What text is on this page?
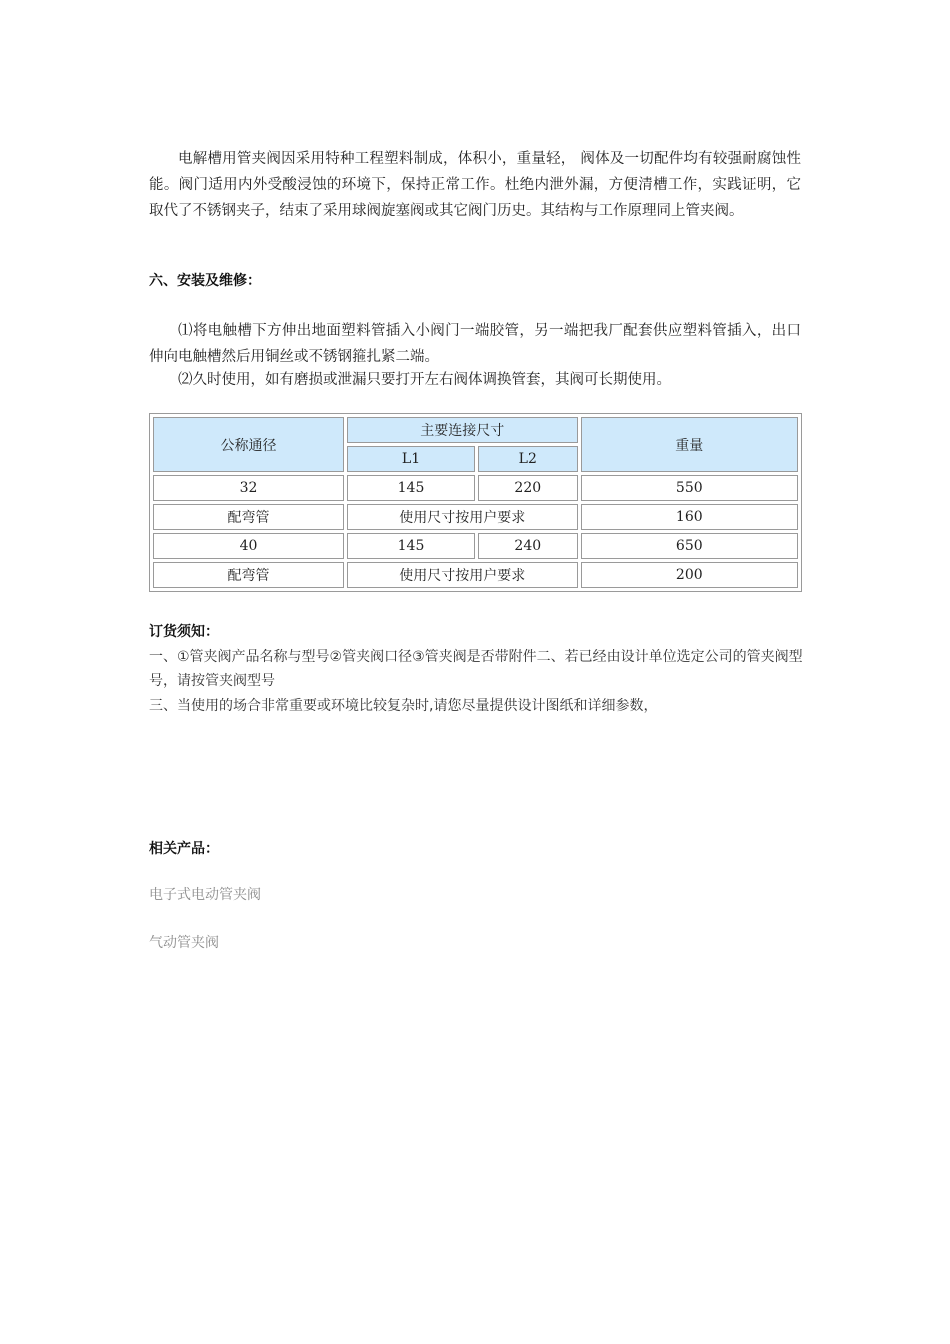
电解槽用管夹阀因采用特种工程塑料制成，体积小，重量轻， 阀体及一切配件均有较强耐腐蚀性能。阀门适用内外受酸浸蚀的环境下，保持正常工作。杜绝内泄外漏，方便清槽工作，实践证明，它取代了不锈钢夹子，结束了采用球阀旋塞阀或其它阀门历史。其结构与工作原理同上管夹阀。

六、安装及维修：

⑴将电触槽下方伸出地面塑料管插入小阀门一端胶管，另一端把我厂配套供应塑料管插入，出口伸向电触槽然后用铜丝或不锈钢箍扎紧二端。

⑵久时使用，如有磨损或泄漏只要打开左右阀体调换管套，其阀可长期使用。

公称通径	主要连接尺寸		重量
	L1	L2	
32	145	220	550
配弯管	使用尺寸按用户要求		160
40	145	240	650
配弯管	使用尺寸按用户要求		200

订货须知：

一、①管夹阀产品名称与型号②管夹阀口径③管夹阀是否带附件二、若已经由设计单位选定公司的管夹阀型号，请按管夹阀型号

三、当使用的场合非常重要或环境比较复杂时,请您尽量提供设计图纸和详细参数，

相关产品：

电子式电动管夹阀

气动管夹阀
